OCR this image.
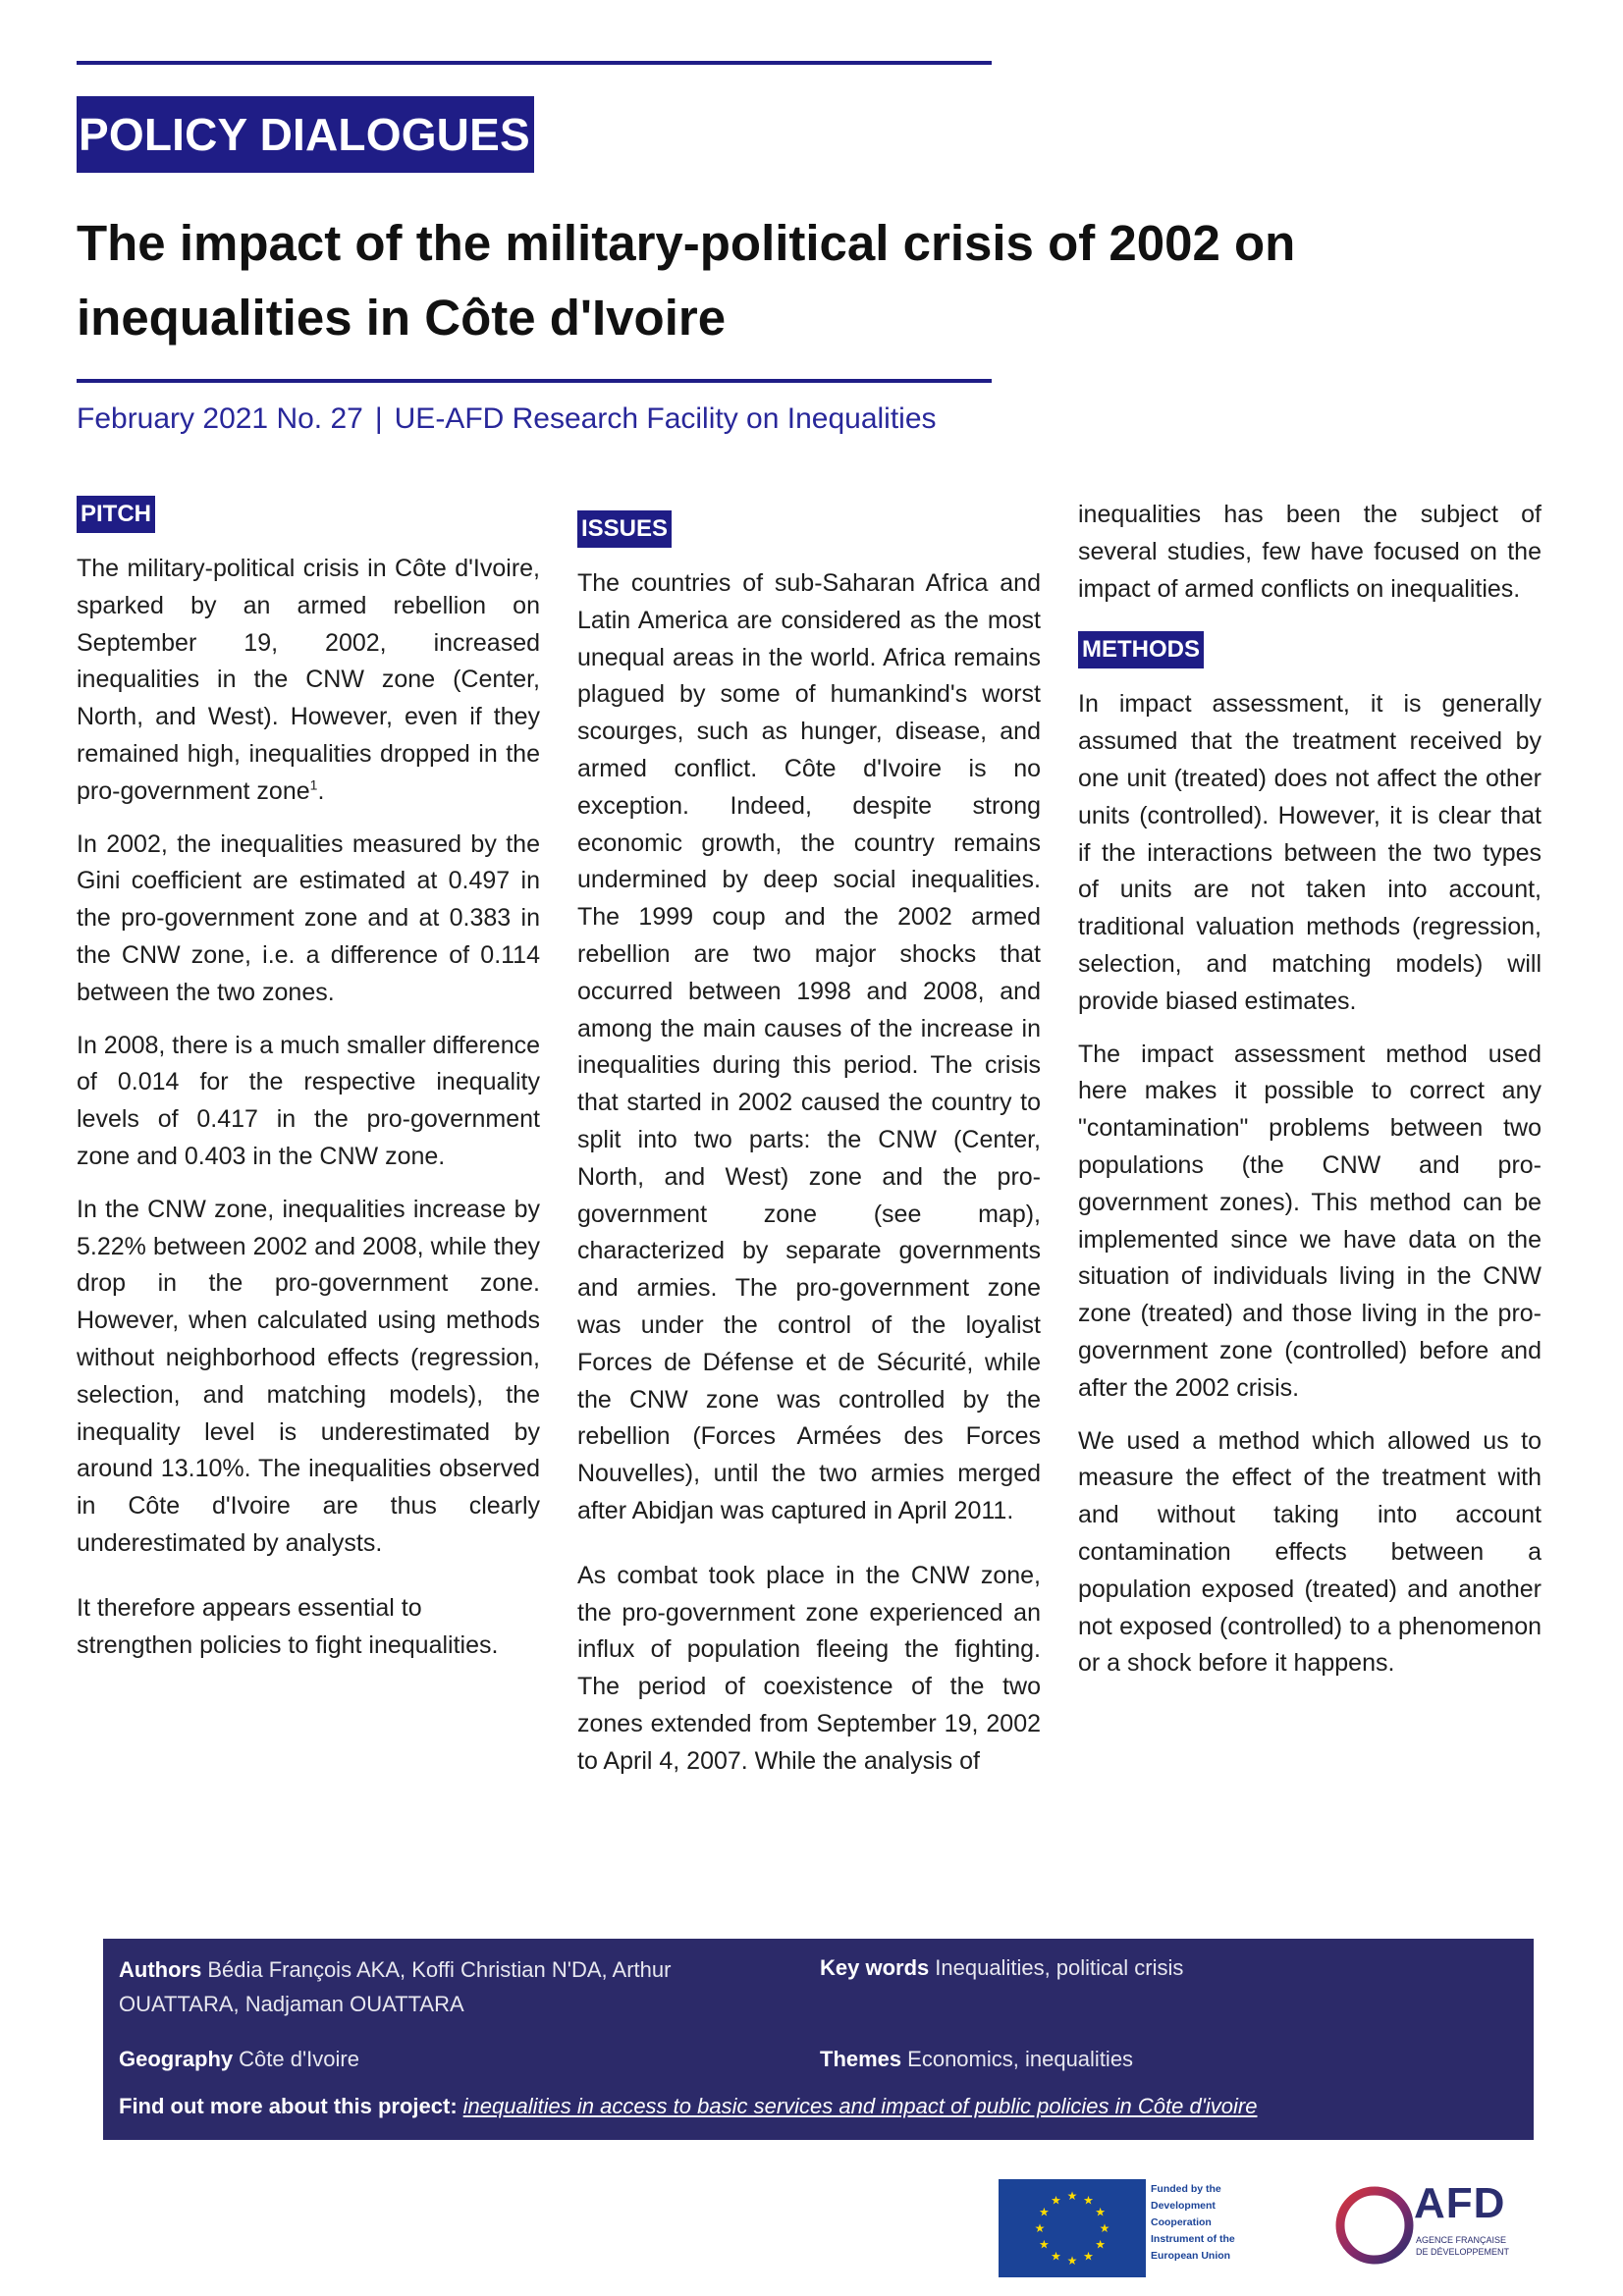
POLICY DIALOGUES
The impact of the military-political crisis of 2002 on inequalities in Côte d'Ivoire
February 2021 No. 27 | UE-AFD Research Facility on Inequalities
PITCH

The military-political crisis in Côte d'Ivoire, sparked by an armed rebellion on September 19, 2002, increased inequalities in the CNW zone (Center, North, and West). However, even if they remained high, inequalities dropped in the pro-government zone$^1$.

In 2002, the inequalities measured by the Gini coefficient are estimated at 0.497 in the pro-government zone and at 0.383 in the CNW zone, i.e. a difference of 0.114 between the two zones.

In 2008, there is a much smaller difference of 0.014 for the respective inequality levels of 0.417 in the pro-government zone and 0.403 in the CNW zone.

In the CNW zone, inequalities increase by 5.22% between 2002 and 2008, while they drop in the pro-government zone. However, when calculated using methods without neighborhood effects (regression, selection, and matching models), the inequality level is underestimated by around 13.10%. The inequalities observed in Côte d'Ivoire are thus clearly underestimated by analysts.

It therefore appears essential to strengthen policies to fight inequalities.

ISSUES

The countries of sub-Saharan Africa and Latin America are considered as the most unequal areas in the world. Africa remains plagued by some of humankind's worst scourges, such as hunger, disease, and armed conflict. Côte d'Ivoire is no exception. Indeed, despite strong economic growth, the country remains undermined by deep social inequalities. The 1999 coup and the 2002 armed rebellion are two major shocks that occurred between 1998 and 2008, and among the main causes of the increase in inequalities during this period. The crisis that started in 2002 caused the country to split into two parts: the CNW (Center, North, and West) zone and the pro-government zone (see map), characterized by separate governments and armies. The pro-government zone was under the control of the loyalist Forces de Défense et de Sécurité, while the CNW zone was controlled by the rebellion (Forces Armées des Forces Nouvelles), until the two armies merged after Abidjan was captured in April 2011.

As combat took place in the CNW zone, the pro-government zone experienced an influx of population fleeing the fighting. The period of coexistence of the two zones extended from September 19, 2002 to April 4, 2007. While the analysis of

inequalities has been the subject of several studies, few have focused on the impact of armed conflicts on inequalities.

METHODS

In impact assessment, it is generally assumed that the treatment received by one unit (treated) does not affect the other units (controlled). However, it is clear that if the interactions between the two types of units are not taken into account, traditional valuation methods (regression, selection, and matching models) will provide biased estimates.

The impact assessment method used here makes it possible to correct any "contamination" problems between two populations (the CNW and pro-government zones). This method can be implemented since we have data on the situation of individuals living in the CNW zone (treated) and those living in the pro-government zone (controlled) before and after the 2002 crisis.

We used a method which allowed us to measure the effect of the treatment with and without taking into account contamination effects between a population exposed (treated) and another not exposed (controlled) to a phenomenon or a shock before it happens.

Authors Bédia François AKA, Koffi Christian N'DA, Arthur OUATTARA, Nadjaman OUATTARA
Key words Inequalities, political crisis
Geography Côte d'Ivoire	Themes Economics, inequalities
Find out more about this project: inequalities in access to basic services and impact of public policies in Côte d'ivoire
★ ★
★
★
★
★
★
★
★
★
★
★
Funded by the Development Cooperation Instrument of the European Union
AFD
AGENCE FRANÇAISE DE DÉVELOPPEMENT
